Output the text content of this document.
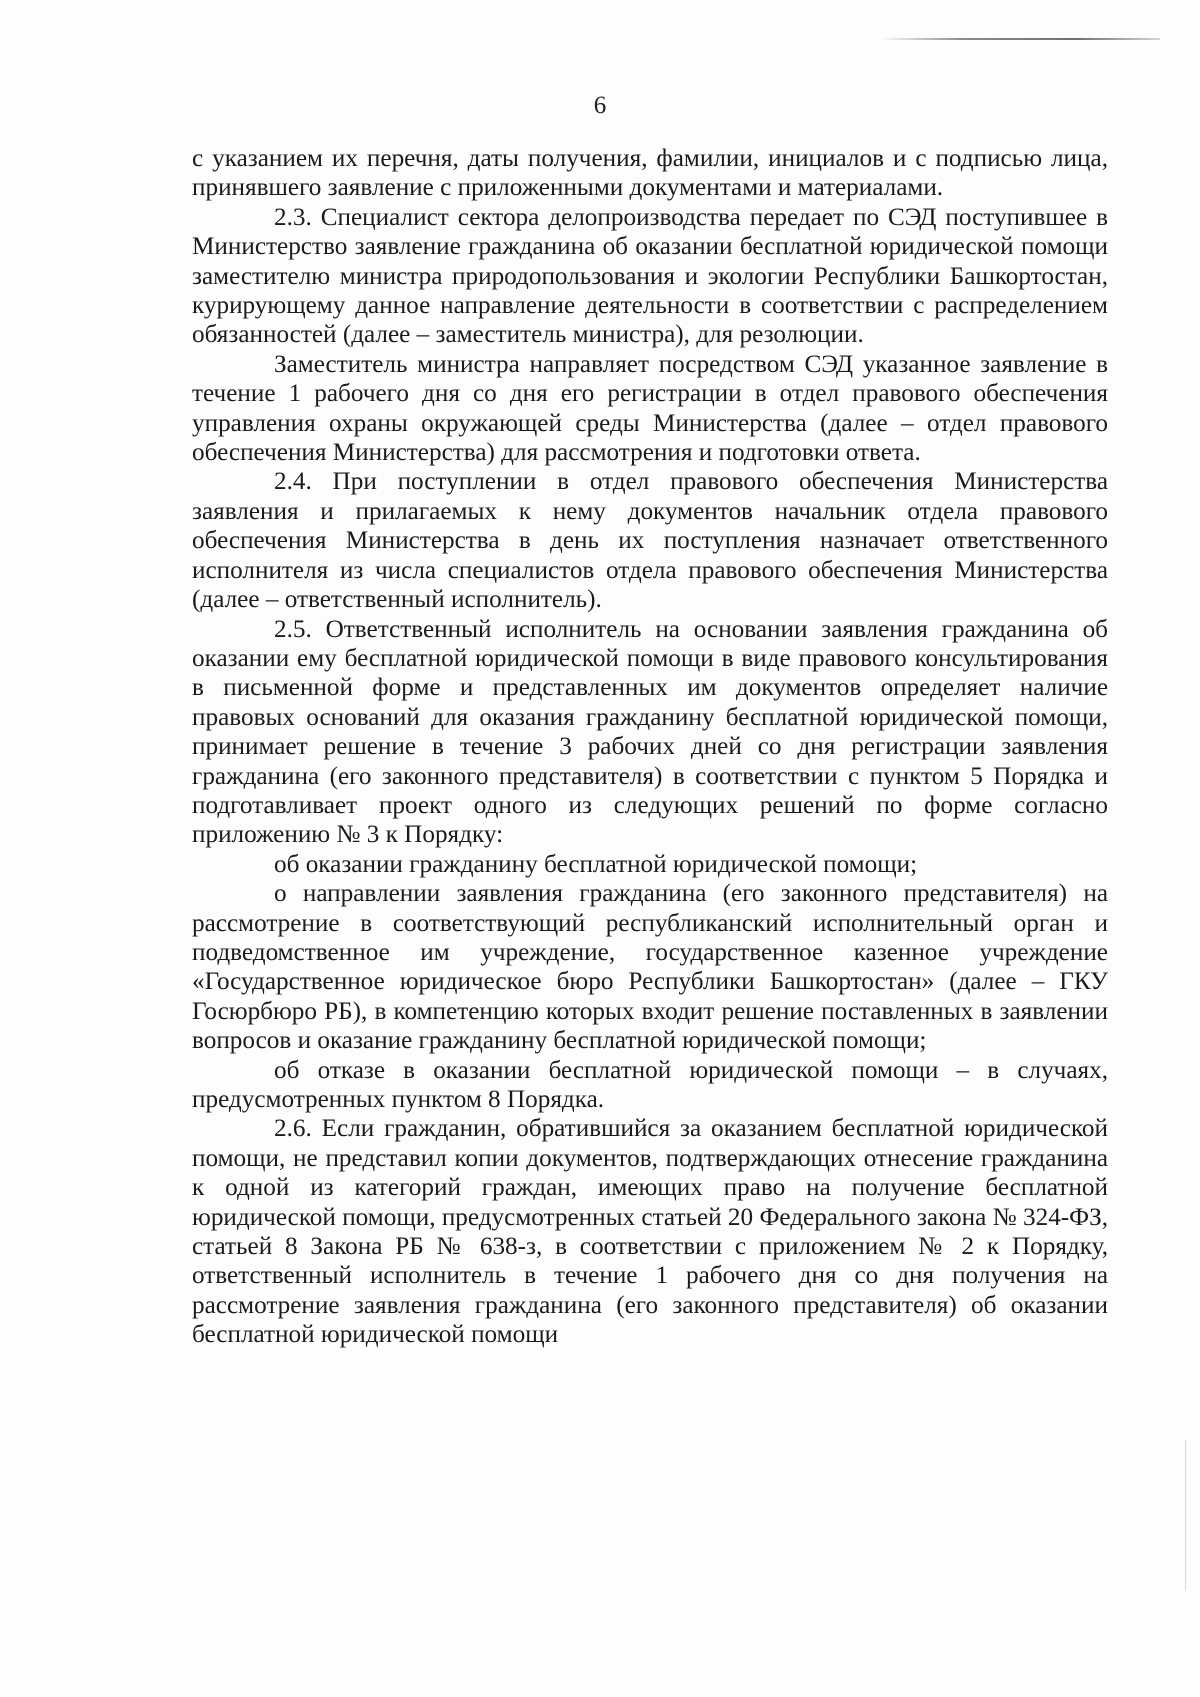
6

с указанием их перечня, даты получения, фамилии, инициалов и с подписью лица, принявшего заявление с приложенными документами и материалами.

2.3. Специалист сектора делопроизводства передает по СЭД поступившее в Министерство заявление гражданина об оказании бесплатной юридической помощи заместителю министра природопользования и экологии Республики Башкортостан, курирующему данное направление деятельности в соответствии с распределением обязанностей (далее – заместитель министра), для резолюции.

Заместитель министра направляет посредством СЭД указанное заявление в течение 1 рабочего дня со дня его регистрации в отдел правового обеспечения управления охраны окружающей среды Министерства (далее – отдел правового обеспечения Министерства) для рассмотрения и подготовки ответа.

2.4. При поступлении в отдел правового обеспечения Министерства заявления и прилагаемых к нему документов начальник отдела правового обеспечения Министерства в день их поступления назначает ответственного исполнителя из числа специалистов отдела правового обеспечения Министерства (далее – ответственный исполнитель).

2.5. Ответственный исполнитель на основании заявления гражданина об оказании ему бесплатной юридической помощи в виде правового консультирования в письменной форме и представленных им документов определяет наличие правовых оснований для оказания гражданину бесплатной юридической помощи, принимает решение в течение 3 рабочих дней со дня регистрации заявления гражданина (его законного представителя) в соответствии с пунктом 5 Порядка и подготавливает проект одного из следующих решений по форме согласно приложению № 3 к Порядку:

об оказании гражданину бесплатной юридической помощи;

о направлении заявления гражданина (его законного представителя) на рассмотрение в соответствующий республиканский исполнительный орган и подведомственное им учреждение, государственное казенное учреждение «Государственное юридическое бюро Республики Башкортостан» (далее – ГКУ Госюрбюро РБ), в компетенцию которых входит решение поставленных в заявлении вопросов и оказание гражданину бесплатной юридической помощи;

об отказе в оказании бесплатной юридической помощи – в случаях, предусмотренных пунктом 8 Порядка.

2.6. Если гражданин, обратившийся за оказанием бесплатной юридической помощи, не представил копии документов, подтверждающих отнесение гражданина к одной из категорий граждан, имеющих право на получение бесплатной юридической помощи, предусмотренных статьей 20 Федерального закона № 324-ФЗ, статьей 8 Закона РБ № 638-з, в соответствии с приложением № 2 к Порядку, ответственный исполнитель в течение 1 рабочего дня со дня получения на рассмотрение заявления гражданина (его законного представителя) об оказании бесплатной юридической помощи
